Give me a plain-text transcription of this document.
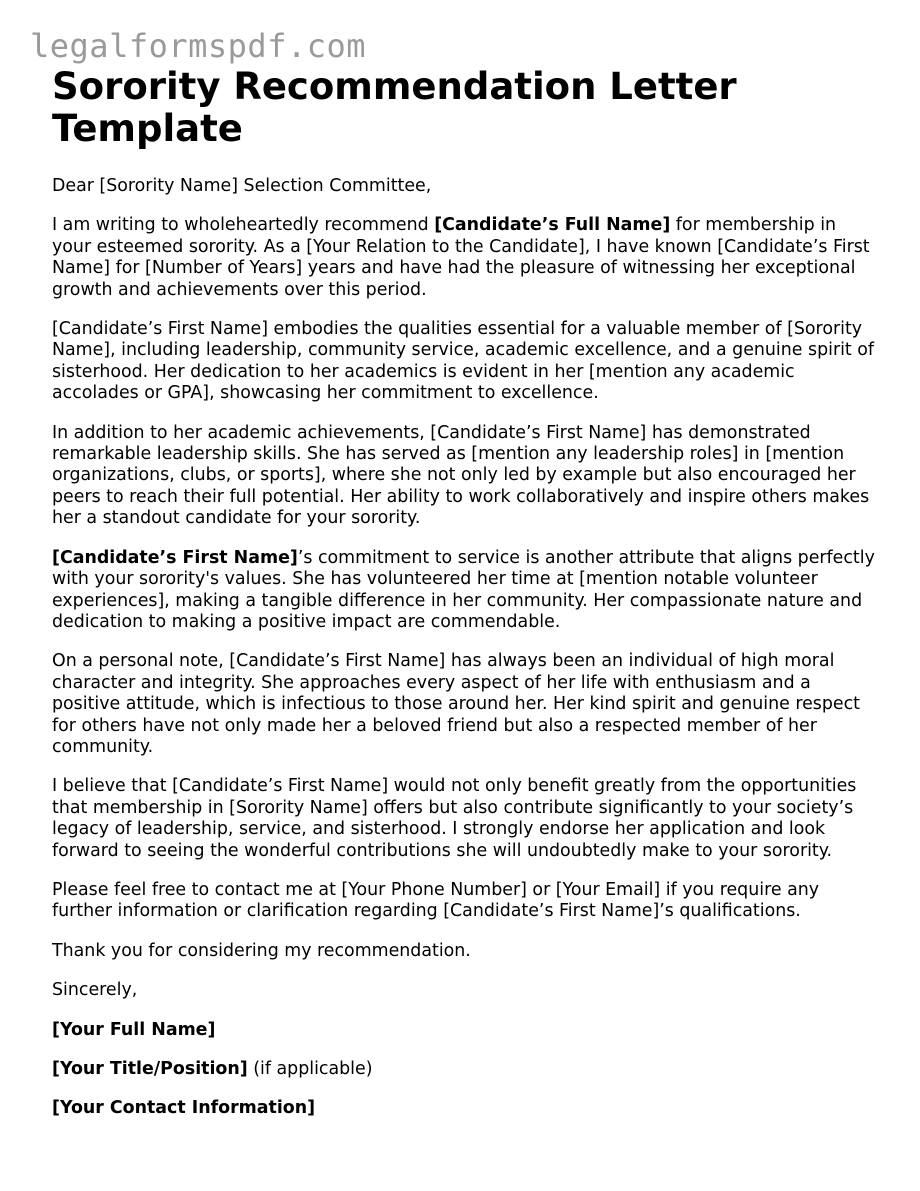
legalformspdf.com
Sorority Recommendation Letter Template

Dear [Sorority Name] Selection Committee,

I am writing to wholeheartedly recommend [Candidate’s Full Name] for membership in your esteemed sorority. As a [Your Relation to the Candidate], I have known [Candidate’s First Name] for [Number of Years] years and have had the pleasure of witnessing her exceptional growth and achievements over this period.

[Candidate’s First Name] embodies the qualities essential for a valuable member of [Sorority Name], including leadership, community service, academic excellence, and a genuine spirit of sisterhood. Her dedication to her academics is evident in her [mention any academic accolades or GPA], showcasing her commitment to excellence.

In addition to her academic achievements, [Candidate’s First Name] has demonstrated remarkable leadership skills. She has served as [mention any leadership roles] in [mention organizations, clubs, or sports], where she not only led by example but also encouraged her peers to reach their full potential. Her ability to work collaboratively and inspire others makes her a standout candidate for your sorority.

[Candidate’s First Name]’s commitment to service is another attribute that aligns perfectly with your sorority's values. She has volunteered her time at [mention notable volunteer experiences], making a tangible difference in her community. Her compassionate nature and dedication to making a positive impact are commendable.

On a personal note, [Candidate’s First Name] has always been an individual of high moral character and integrity. She approaches every aspect of her life with enthusiasm and a positive attitude, which is infectious to those around her. Her kind spirit and genuine respect for others have not only made her a beloved friend but also a respected member of her community.

I believe that [Candidate’s First Name] would not only benefit greatly from the opportunities that membership in [Sorority Name] offers but also contribute significantly to your society’s legacy of leadership, service, and sisterhood. I strongly endorse her application and look forward to seeing the wonderful contributions she will undoubtedly make to your sorority.

Please feel free to contact me at [Your Phone Number] or [Your Email] if you require any further information or clarification regarding [Candidate’s First Name]’s qualifications.

Thank you for considering my recommendation.

Sincerely,

[Your Full Name]

[Your Title/Position] (if applicable)

[Your Contact Information]
